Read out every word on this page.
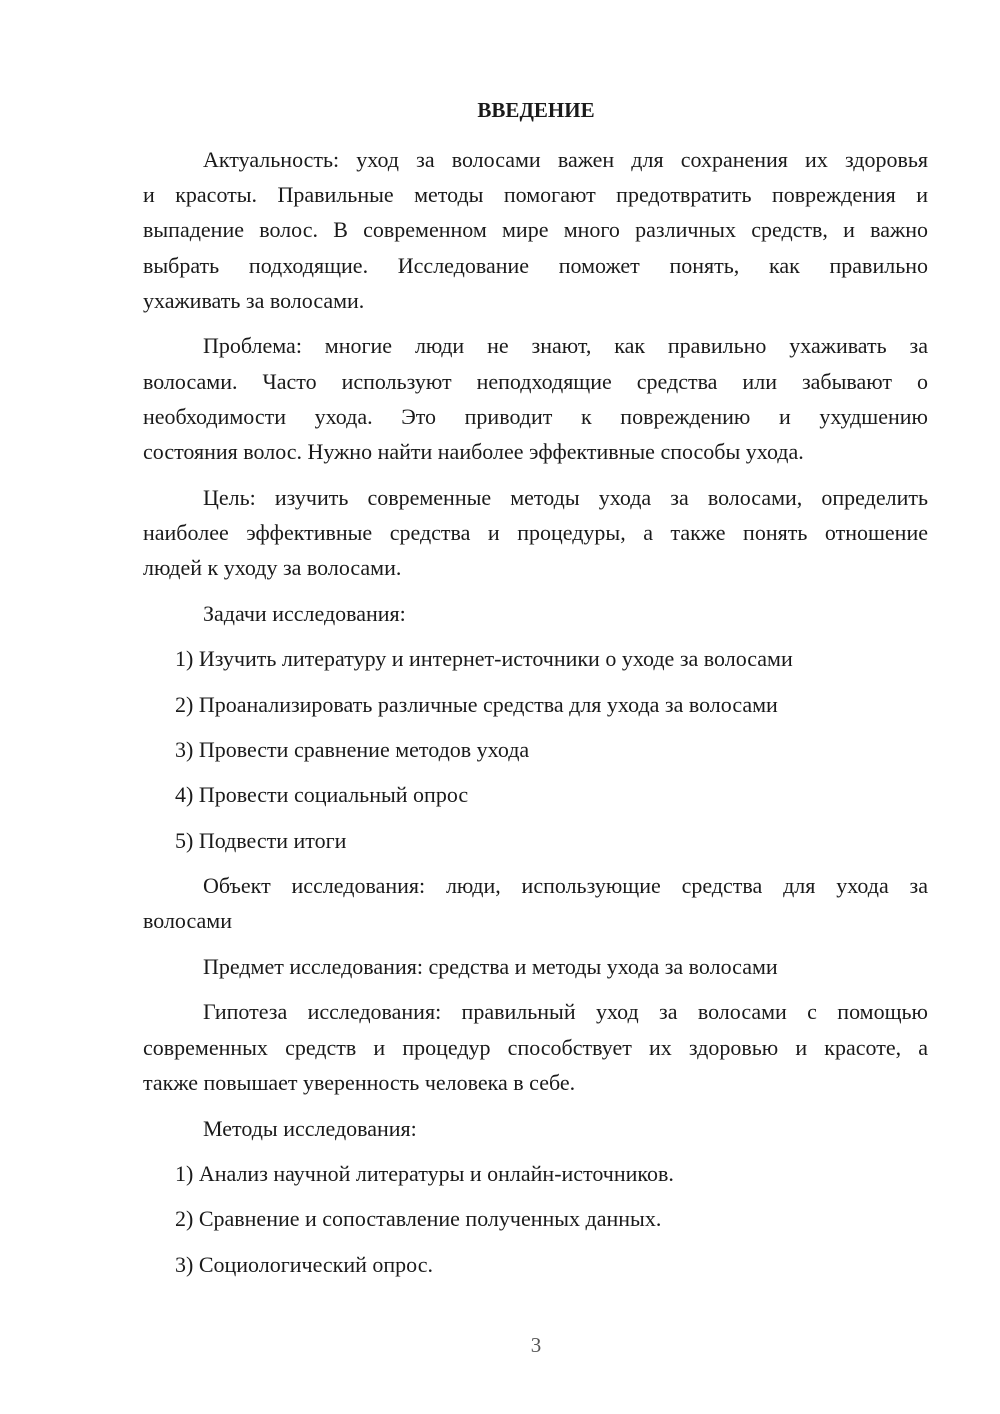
ВВЕДЕНИЕ
Актуальность: уход за волосами важен для сохранения их здоровья
и красоты. Правильные методы помогают предотвратить повреждения и
выпадение волос. В современном мире много различных средств, и важно
выбрать подходящие. Исследование поможет понять, как правильно
ухаживать за волосами.
Проблема: многие люди не знают, как правильно ухаживать за
волосами. Часто используют неподходящие средства или забывают о
необходимости ухода. Это приводит к повреждению и ухудшению
состояния волос. Нужно найти наиболее эффективные способы ухода.
Цель: изучить современные методы ухода за волосами, определить
наиболее эффективные средства и процедуры, а также понять отношение
людей к уходу за волосами.
Задачи исследования:
1) Изучить литературу и интернет-источники о уходе за волосами
2) Проанализировать различные средства для ухода за волосами
3) Провести сравнение методов ухода
4) Провести социальный опрос
5) Подвести итоги
Объект исследования: люди, использующие средства для ухода за
волосами
Предмет исследования: средства и методы ухода за волосами
Гипотеза исследования: правильный уход за волосами с помощью
современных средств и процедур способствует их здоровью и красоте, а
также повышает уверенность человека в себе.
Методы исследования:
1) Анализ научной литературы и онлайн-источников.
2) Сравнение и сопоставление полученных данных.
3) Социологический опрос.
3
